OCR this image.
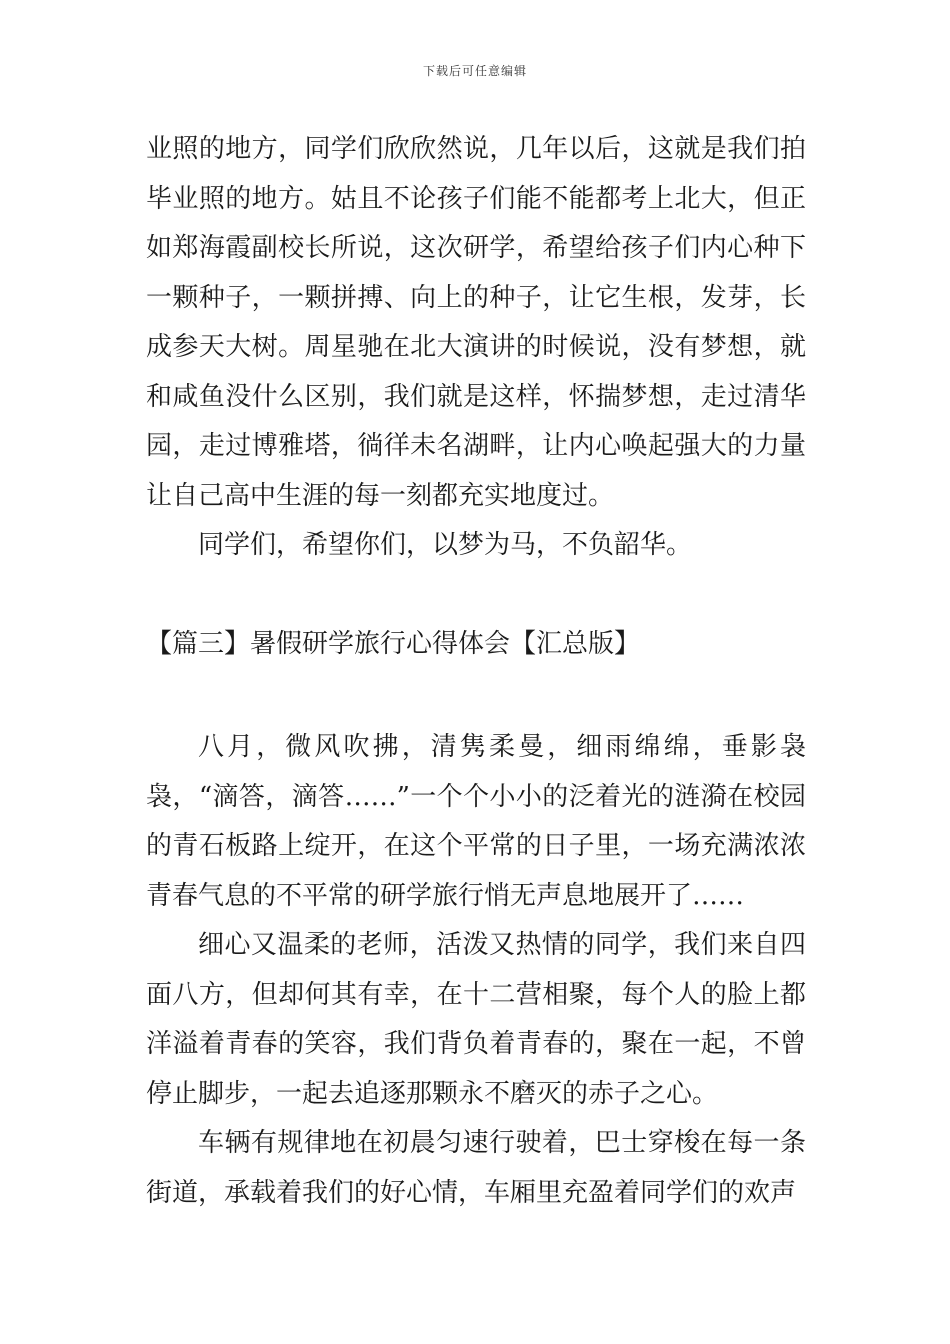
下载后可任意编辑

业照的地方，同学们欣欣然说，几年以后，这就是我们拍毕业照的地方。姑且不论孩子们能不能都考上北大，但正如郑海霞副校长所说，这次研学，希望给孩子们内心种下一颗种子，一颗拼搏、向上的种子，让它生根，发芽，长成参天大树。周星驰在北大演讲的时候说，没有梦想，就和咸鱼没什么区别，我们就是这样，怀揣梦想，走过清华园，走过博雅塔，徜徉未名湖畔，让内心唤起强大的力量让自己高中生涯的每一刻都充实地度过。

同学们，希望你们，以梦为马，不负韶华。

【篇三】暑假研学旅行心得体会【汇总版】

八月，微风吹拂，清隽柔曼，细雨绵绵，垂影袅袅，“滴答，滴答……”一个个小小的泛着光的涟漪在校园的青石板路上绽开，在这个平常的日子里，一场充满浓浓青春气息的不平常的研学旅行悄无声息地展开了……

细心又温柔的老师，活泼又热情的同学，我们来自四面八方，但却何其有幸，在十二营相聚，每个人的脸上都洋溢着青春的笑容，我们背负着青春的，聚在一起，不曾停止脚步，一起去追逐那颗永不磨灭的赤子之心。

车辆有规律地在初晨匀速行驶着，巴士穿梭在每一条街道，承载着我们的好心情，车厢里充盈着同学们的欢声
